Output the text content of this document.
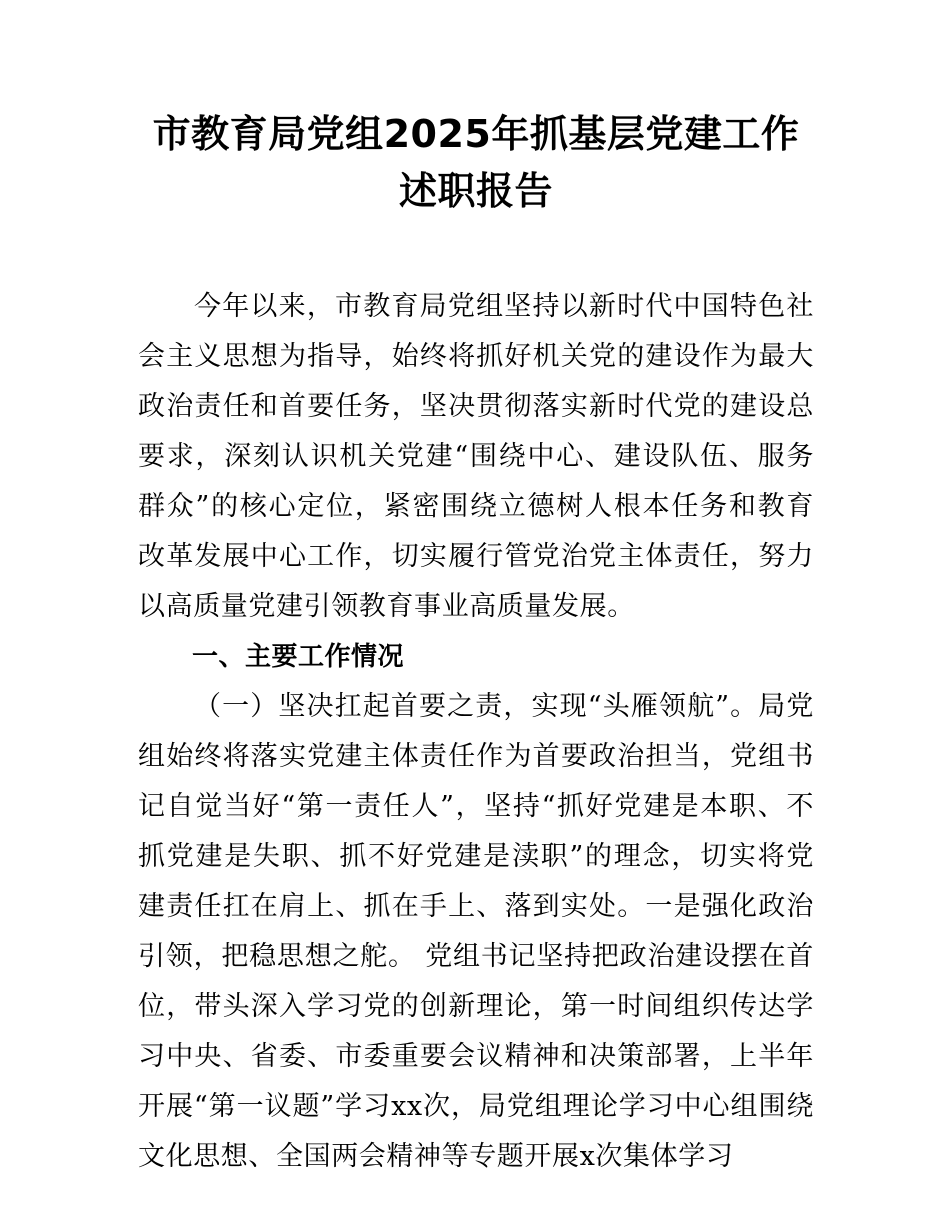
市教育局党组2025年抓基层党建工作述职报告

今年以来，市教育局党组坚持以新时代中国特色社会主义思想为指导，始终将抓好机关党的建设作为最大政治责任和首要任务，坚决贯彻落实新时代党的建设总要求，深刻认识机关党建“围绕中心、建设队伍、服务群众”的核心定位，紧密围绕立德树人根本任务和教育改革发展中心工作，切实履行管党治党主体责任，努力以高质量党建引领教育事业高质量发展。

一、主要工作情况

（一）坚决扛起首要之责，实现“头雁领航”。局党组始终将落实党建主体责任作为首要政治担当，党组书记自觉当好“第一责任人”，坚持“抓好党建是本职、不抓党建是失职、抓不好党建是渎职”的理念，切实将党建责任扛在肩上、抓在手上、落到实处。一是强化政治引领，把稳思想之舵。 党组书记坚持把政治建设摆在首位，带头深入学习党的创新理论，第一时间组织传达学习中央、省委、市委重要会议精神和决策部署，上半年开展“第一议题”学习xx次，局党组理论学习中心组围绕文化思想、全国两会精神等专题开展x次集体学习
